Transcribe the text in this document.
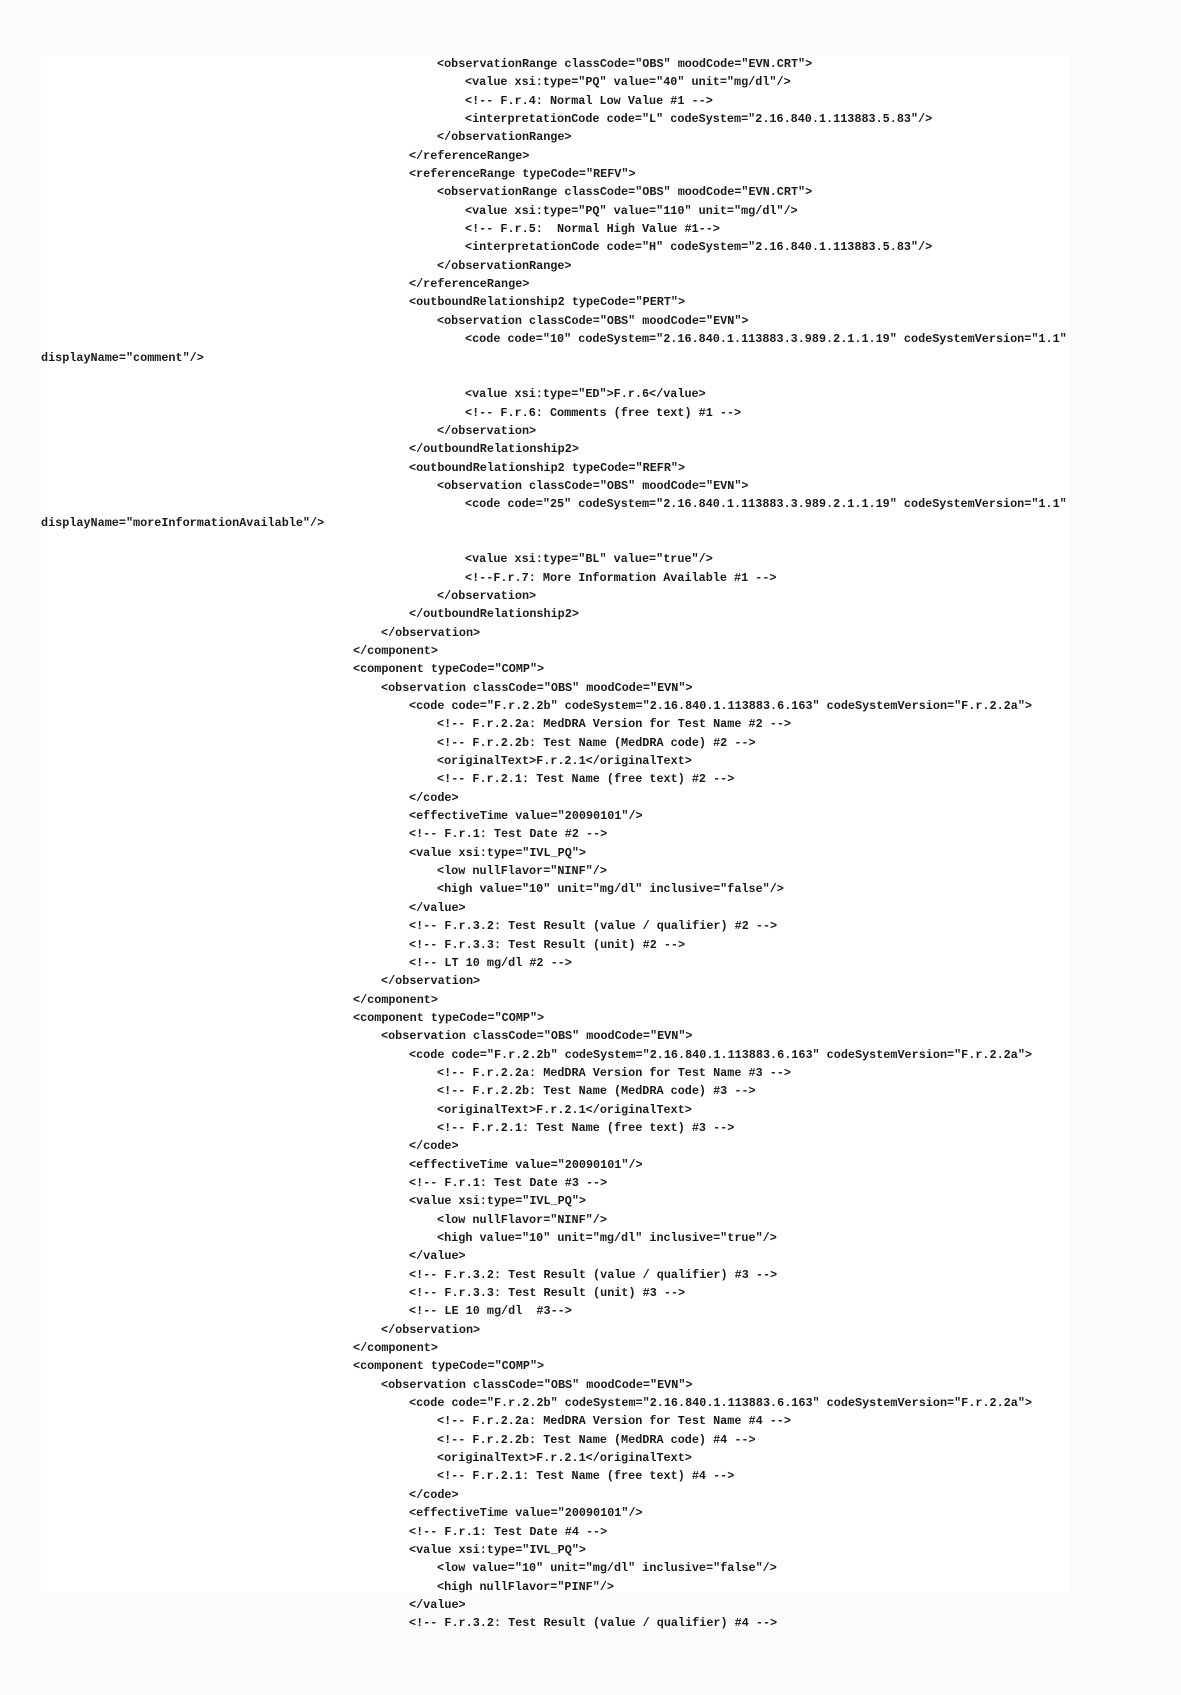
<observationRange classCode="OBS" moodCode="EVN.CRT">
<value xsi:type="PQ" value="40" unit="mg/dl"/>
<!-- F.r.4: Normal Low Value #1 -->
<interpretationCode code="L" codeSystem="2.16.840.1.113883.5.83"/>
</observationRange>
</referenceRange>
<referenceRange typeCode="REFV">
<observationRange classCode="OBS" moodCode="EVN.CRT">
<value xsi:type="PQ" value="110" unit="mg/dl"/>
<!-- F.r.5:  Normal High Value #1-->
<interpretationCode code="H" codeSystem="2.16.840.1.113883.5.83"/>
</observationRange>
</referenceRange>
<outboundRelationship2 typeCode="PERT">
<observation classCode="OBS" moodCode="EVN">
<code code="10" codeSystem="2.16.840.1.113883.3.989.2.1.1.19" codeSystemVersion="1.1"
displayName="comment"/>
<value xsi:type="ED">F.r.6</value>
<!-- F.r.6: Comments (free text) #1 -->
</observation>
</outboundRelationship2>
<outboundRelationship2 typeCode="REFR">
<observation classCode="OBS" moodCode="EVN">
<code code="25" codeSystem="2.16.840.1.113883.3.989.2.1.1.19" codeSystemVersion="1.1"
displayName="moreInformationAvailable"/>
<value xsi:type="BL" value="true"/>
<!--F.r.7: More Information Available #1 -->
</observation>
</outboundRelationship2>
</observation>
</component>
<component typeCode="COMP">
<observation classCode="OBS" moodCode="EVN">
<code code="F.r.2.2b" codeSystem="2.16.840.1.113883.6.163" codeSystemVersion="F.r.2.2a">
<!-- F.r.2.2a: MedDRA Version for Test Name #2 -->
<!-- F.r.2.2b: Test Name (MedDRA code) #2 -->
<originalText>F.r.2.1</originalText>
<!-- F.r.2.1: Test Name (free text) #2 -->
</code>
<effectiveTime value="20090101"/>
<!-- F.r.1: Test Date #2 -->
<value xsi:type="IVL_PQ">
<low nullFlavor="NINF"/>
<high value="10" unit="mg/dl" inclusive="false"/>
</value>
<!-- F.r.3.2: Test Result (value / qualifier) #2 -->
<!-- F.r.3.3: Test Result (unit) #2 -->
<!-- LT 10 mg/dl #2 -->
</observation>
</component>
<component typeCode="COMP">
<observation classCode="OBS" moodCode="EVN">
<code code="F.r.2.2b" codeSystem="2.16.840.1.113883.6.163" codeSystemVersion="F.r.2.2a">
<!-- F.r.2.2a: MedDRA Version for Test Name #3 -->
<!-- F.r.2.2b: Test Name (MedDRA code) #3 -->
<originalText>F.r.2.1</originalText>
<!-- F.r.2.1: Test Name (free text) #3 -->
</code>
<effectiveTime value="20090101"/>
<!-- F.r.1: Test Date #3 -->
<value xsi:type="IVL_PQ">
<low nullFlavor="NINF"/>
<high value="10" unit="mg/dl" inclusive="true"/>
</value>
<!-- F.r.3.2: Test Result (value / qualifier) #3 -->
<!-- F.r.3.3: Test Result (unit) #3 -->
<!-- LE 10 mg/dl  #3-->
</observation>
</component>
<component typeCode="COMP">
<observation classCode="OBS" moodCode="EVN">
<code code="F.r.2.2b" codeSystem="2.16.840.1.113883.6.163" codeSystemVersion="F.r.2.2a">
<!-- F.r.2.2a: MedDRA Version for Test Name #4 -->
<!-- F.r.2.2b: Test Name (MedDRA code) #4 -->
<originalText>F.r.2.1</originalText>
<!-- F.r.2.1: Test Name (free text) #4 -->
</code>
<effectiveTime value="20090101"/>
<!-- F.r.1: Test Date #4 -->
<value xsi:type="IVL_PQ">
<low value="10" unit="mg/dl" inclusive="false"/>
<high nullFlavor="PINF"/>
</value>
<!-- F.r.3.2: Test Result (value / qualifier) #4 -->
